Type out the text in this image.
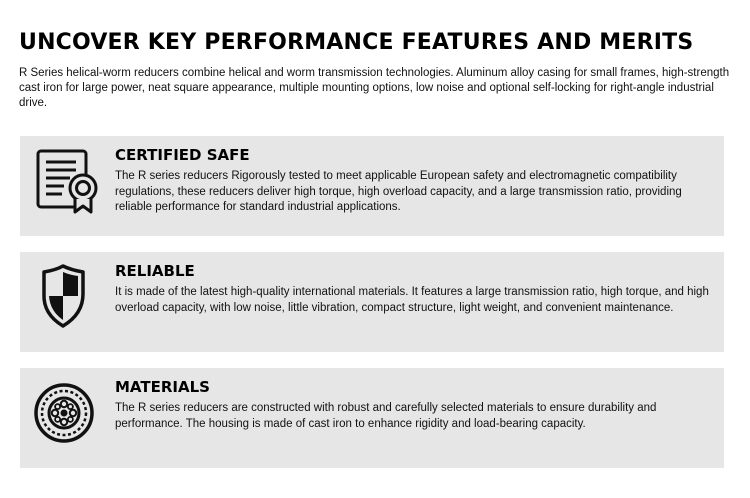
UNCOVER KEY PERFORMANCE FEATURES AND MERITS

R Series helical-worm reducers combine helical and worm transmission technologies. Aluminum alloy casing for small frames, high-strength cast iron for large power, neat square appearance, multiple mounting options, low noise and optional self-locking for right-angle industrial drive.

CERTIFIED SAFE

The R series reducers Rigorously tested to meet applicable European safety and electromagnetic compatibility regulations, these reducers deliver high torque, high overload capacity, and a large transmission ratio, providing reliable performance for standard industrial applications.

RELIABLE

It is made of the latest high-quality international materials. It features a large transmission ratio, high torque, and high overload capacity, with low noise, little vibration, compact structure, light weight, and convenient maintenance.

MATERIALS

The R series reducers are constructed with robust and carefully selected materials to ensure durability and performance. The housing is made of cast iron to enhance rigidity and load-bearing capacity.
